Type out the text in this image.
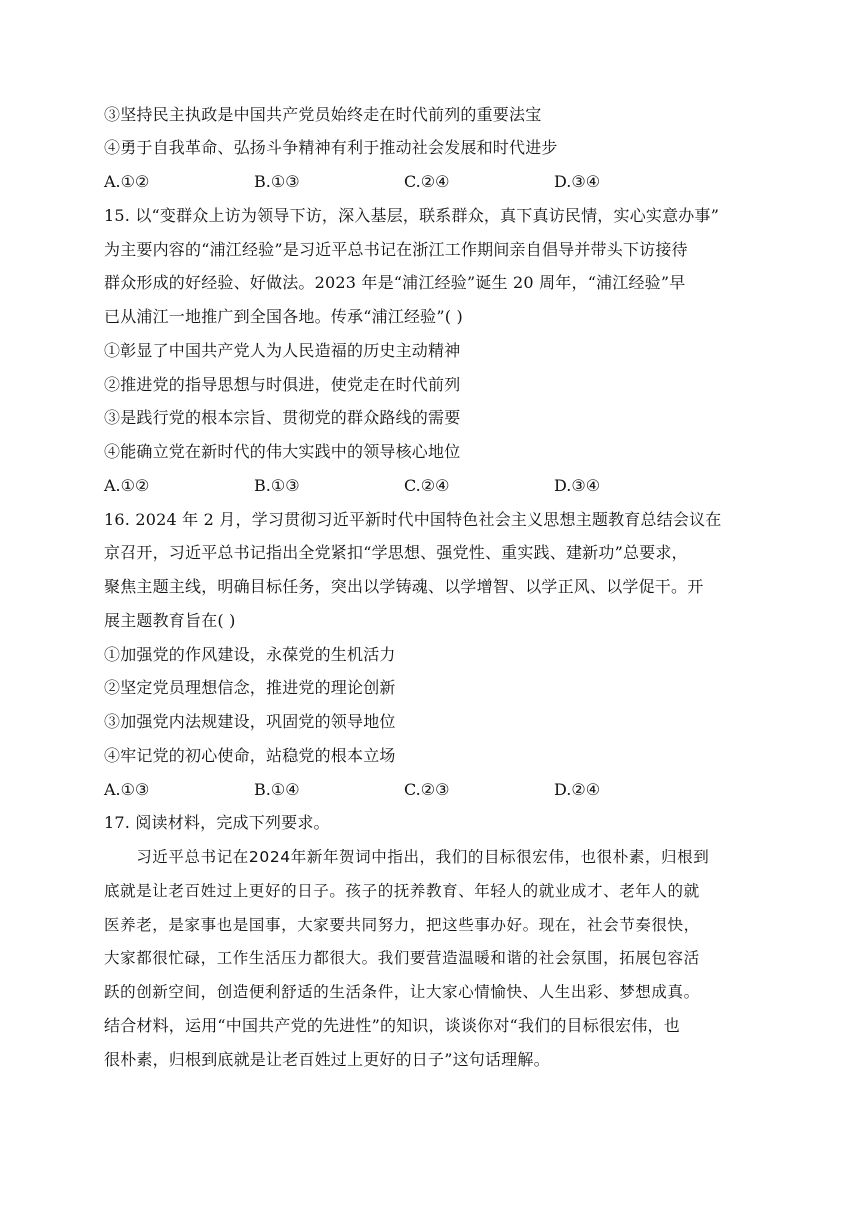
③坚持民主执政是中国共产党员始终走在时代前列的重要法宝
④勇于自我革命、弘扬斗争精神有利于推动社会发展和时代进步
A.①②	B.①③	C.②④	D.③④
15. 以“变群众上访为领导下访，深入基层，联系群众，真下真访民情，实心实意办事”
为主要内容的“浦江经验”是习近平总书记在浙江工作期间亲自倡导并带头下访接待
群众形成的好经验、好做法。2023 年是“浦江经验”诞生 20 周年，“浦江经验”早
已从浦江一地推广到全国各地。传承“浦江经验”( )
①彰显了中国共产党人为人民造福的历史主动精神
②推进党的指导思想与时俱进，使党走在时代前列
③是践行党的根本宗旨、贯彻党的群众路线的需要
④能确立党在新时代的伟大实践中的领导核心地位
A.①②	B.①③	C.②④	D.③④
16. 2024 年 2 月，学习贯彻习近平新时代中国特色社会主义思想主题教育总结会议在
京召开，习近平总书记指出全党紧扣“学思想、强党性、重实践、建新功”总要求，
聚焦主题主线，明确目标任务，突出以学铸魂、以学增智、以学正风、以学促干。开
展主题教育旨在( )
①加强党的作风建设，永葆党的生机活力
②坚定党员理想信念，推进党的理论创新
③加强党内法规建设，巩固党的领导地位
④牢记党的初心使命，站稳党的根本立场
A.①③	B.①④	C.②③	D.②④
17. 阅读材料，完成下列要求。
　　习近平总书记在2024年新年贺词中指出，我们的目标很宏伟，也很朴素，归根到
底就是让老百姓过上更好的日子。孩子的抚养教育、年轻人的就业成才、老年人的就
医养老，是家事也是国事，大家要共同努力，把这些事办好。现在，社会节奏很快，
大家都很忙碌，工作生活压力都很大。我们要营造温暖和谐的社会氛围，拓展包容活
跃的创新空间，创造便利舒适的生活条件，让大家心情愉快、人生出彩、梦想成真。
结合材料，运用“中国共产党的先进性”的知识，谈谈你对“我们的目标很宏伟，也
很朴素，归根到底就是让老百姓过上更好的日子”这句话理解。
